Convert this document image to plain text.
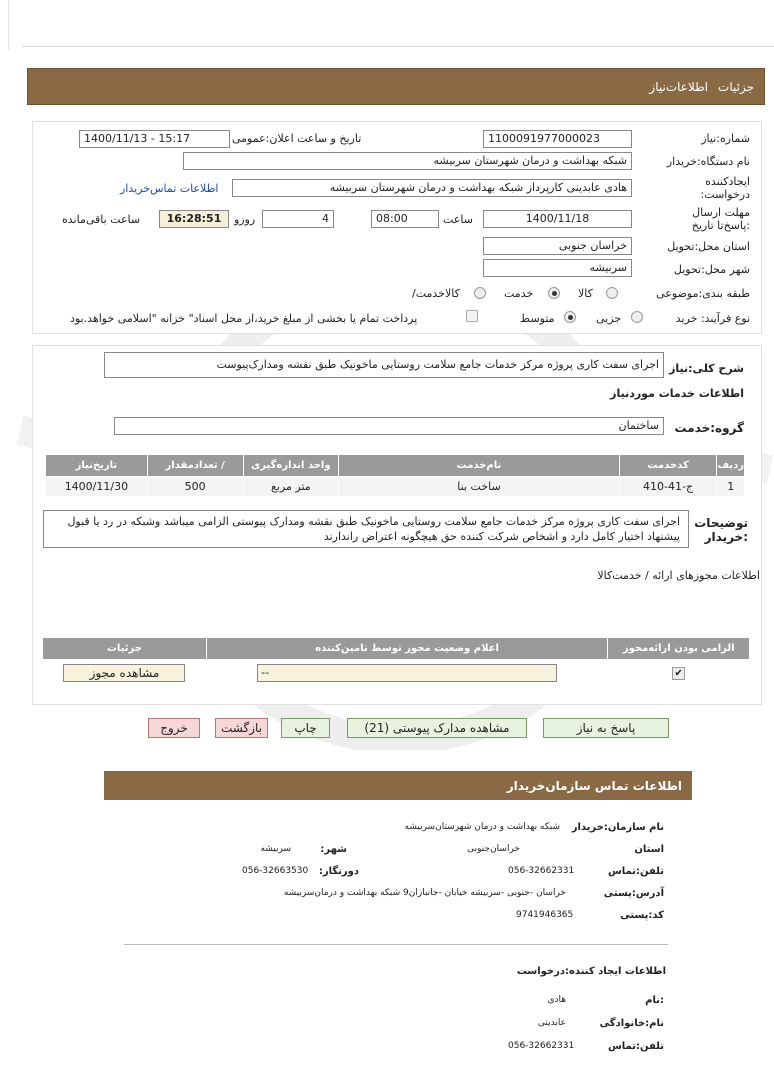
جزئیات
اطلاعات‌نیاز
شماره:نیاز
1100091977000023
تاریخ و ساعت اعلان:عمومی
1400/11/13 - 15:17
نام دستگاه:خریدار
شبکه بهداشت و درمان شهرستان سربیشه
ایجادکننده درخواست:
هادی عابدینی کارپرداز شبکه بهداشت و درمان شهرستان سربیشه
اطلاعات تماس‌خریدار
مهلت ارسال :پاسخ‌تا تاریخ
1400/11/18
ساعت
08:00
4
روزو
16:28:51
ساعت باقی‌مانده
استان محل:تحویل
خراسان جنوبی
شهر محل:تحویل
سربیشه
طبقه بندی:موضوعی
کالا
خدمت
/کالاخدمت
نوع فرآیند: خرید
جزیی
متوسط
پرداخت تمام یا بخشی از مبلغ خرید،از محل اسناد" خزانه "اسلامی خواهد.بود
شرح کلی:نیاز
اجرای سفت کاری پروژه مرکز خدمات جامع سلامت روستایی ماخونیک طبق نقشه ومدارک‌پیوست
اطلاعات خدمات موردنیاز
گروه:خدمت
ساختمان
ردیف	کدخدمت	نام‌خدمت	واحد اندازه‌گیری	/ تعدادمقدار	تاریخ‌نیاز
1	ج-41-410	ساخت بنا	متر مربع	500	1400/11/30
توضیحات :خریدار
اجرای سفت کاری پروژه مرکز خدمات جامع سلامت روستایی ماخونیک طبق نقشه ومدارک پیوستی الزامی میباشد وشبکه در رد یا قبول پیشنهاد اختیار کامل دارد و اشخاص شرکت کننده حق هیچگونه اعتراض راندارند
اطلاعات مجوزهای ارائه / خدمت‌کالا
الزامی بودن ارائه‌مجوز	اعلام وضعیت مجوز توسط تامین‌کننده	جزئیات
✔	--	مشاهده مجوز
پاسخ به نیاز
مشاهده مدارک پیوستی (21)
چاپ
بازگشت
خروج
اطلاعات تماس سازمان‌خریدار
نام سازمان:خریدار
شبکه بهداشت و درمان شهرستان‌سربیشه
استان
خراسان‌جنوبی
:شهر
سربیشه
تلفن:تماس
056-32662331
:دورنگار
056-32663530
آدرس:پستی
خراسان -جنوبی -سربیشه خیابان -جانبازان9 شبکه بهداشت و درمان‌سربیشه
کد:پستی
9741946365
اطلاعات ایجاد کننده:درخواست
نام:
هادی
نام:خانوادگی
عابدینی
تلفن:تماس
056-32662331
